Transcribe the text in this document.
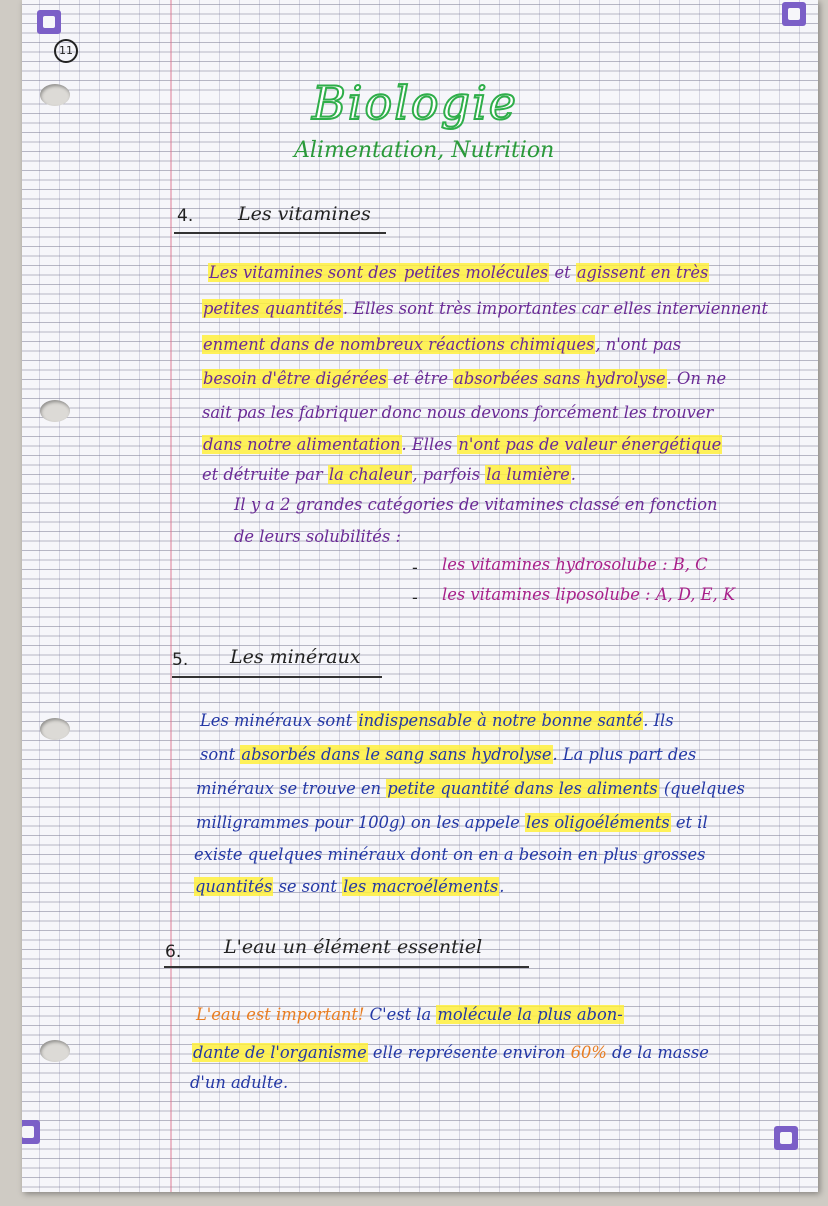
11
Biologie
Alimentation, Nutrition
4. Les vitamines
Les vitamines sont des petites molécules et agissent en très
petites quantités. Elles sont très importantes car elles interviennent
enment dans de nombreux réactions chimiques, n'ont pas
besoin d'être digérées et être absorbées sans hydrolyse. On ne
sait pas les fabriquer donc nous devons forcément les trouver
dans notre alimentation. Elles n'ont pas de valeur énergétique
et détruite par la chaleur, parfois la lumière.
Il y a 2 grandes catégories de vitamines classé en fonction
de leurs solubilités :
- les vitamines hydrosolube : B, C
- les vitamines liposolube : A, D, E, K
5. Les minéraux
Les minéraux sont indispensable à notre bonne santé. Ils
sont absorbés dans le sang sans hydrolyse. La plus part des
minéraux se trouve en petite quantité dans les aliments (quelques
milligrammes pour 100g) on les appele les oligoéléments et il
existe quelques minéraux dont on en a besoin en plus grosses
quantités se sont les macroéléments.
6. L'eau un élément essentiel
L'eau est important! C'est la molécule la plus abon-
dante de l'organisme elle représente environ 60% de la masse
d'un adulte.
